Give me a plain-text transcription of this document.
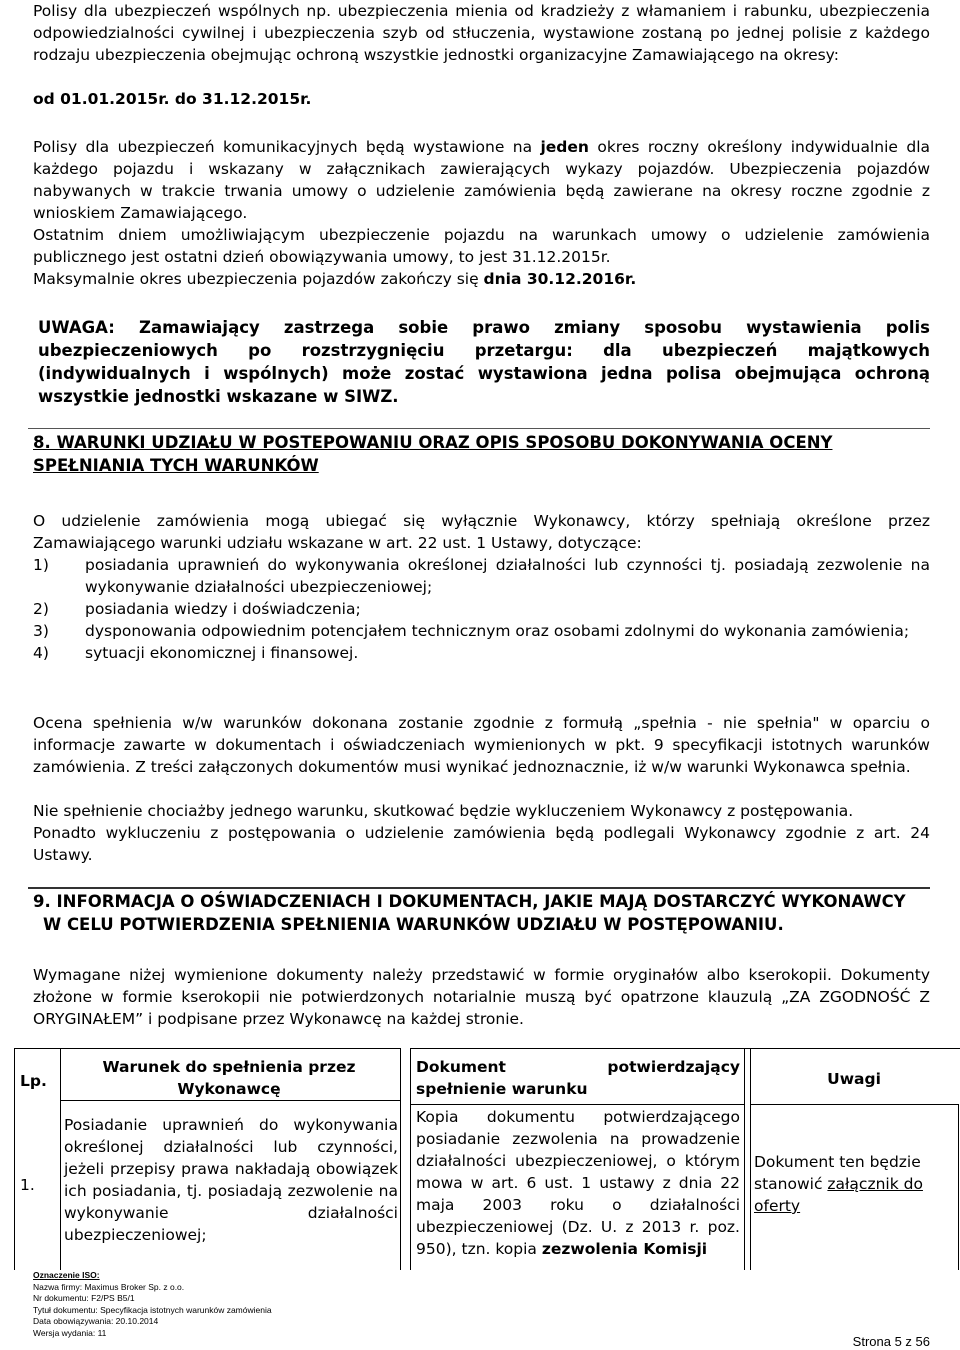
Polisy dla ubezpieczeń wspólnych np. ubezpieczenia mienia od kradzieży z włamaniem i rabunku, ubezpieczenia odpowiedzialności cywilnej i ubezpieczenia szyb od stłuczenia, wystawione zostaną po jednej polisie z każdego rodzaju ubezpieczenia obejmując ochroną wszystkie jednostki organizacyjne Zamawiającego na okresy:
od 01.01.2015r. do 31.12.2015r.
Polisy dla ubezpieczeń komunikacyjnych będą wystawione na jeden okres roczny określony indywidualnie dla każdego pojazdu i wskazany w załącznikach zawierających wykazy pojazdów. Ubezpieczenia pojazdów nabywanych w trakcie trwania umowy o udzielenie zamówienia będą zawierane na okresy roczne zgodnie z wnioskiem Zamawiającego.
Ostatnim dniem umożliwiającym ubezpieczenie pojazdu na warunkach umowy o udzielenie zamówienia publicznego jest ostatni dzień obowiązywania umowy, to jest 31.12.2015r.
Maksymalnie okres ubezpieczenia pojazdów zakończy się dnia 30.12.2016r.
UWAGA: Zamawiający zastrzega sobie prawo zmiany sposobu wystawienia polis ubezpieczeniowych po rozstrzygnięciu przetargu: dla ubezpieczeń majątkowych (indywidualnych i wspólnych) może zostać wystawiona jedna polisa obejmująca ochroną wszystkie jednostki wskazane w SIWZ.
8. WARUNKI UDZIAŁU W POSTEPOWANIU ORAZ OPIS SPOSOBU DOKONYWANIA OCENY
SPEŁNIANIA TYCH WARUNKÓW
O udzielenie zamówienia mogą ubiegać się wyłącznie Wykonawcy, którzy spełniają określone przez Zamawiającego warunki udziału wskazane w art. 22 ust. 1 Ustawy, dotyczące:
1) posiadania uprawnień do wykonywania określonej działalności lub czynności tj. posiadają zezwolenie na wykonywanie działalności ubezpieczeniowej;
2) posiadania wiedzy i doświadczenia;
3) dysponowania odpowiednim potencjałem technicznym oraz osobami zdolnymi do wykonania zamówienia;
4) sytuacji ekonomicznej i finansowej.
Ocena spełnienia w/w warunków dokonana zostanie zgodnie z formułą „spełnia - nie spełnia" w oparciu o informacje zawarte w dokumentach i oświadczeniach wymienionych w pkt. 9 specyfikacji istotnych warunków zamówienia. Z treści załączonych dokumentów musi wynikać jednoznacznie, iż w/w warunki Wykonawca spełnia.
Nie spełnienie chociażby jednego warunku, skutkować będzie wykluczeniem Wykonawcy z postępowania.
Ponadto wykluczeniu z postępowania o udzielenie zamówienia będą podlegali Wykonawcy zgodnie z art. 24 Ustawy.
9. INFORMACJA O OŚWIADCZENIACH I DOKUMENTACH, JAKIE MAJĄ DOSTARCZYĆ WYKONAWCY
W CELU POTWIERDZENIA SPEŁNIENIA WARUNKÓW UDZIAŁU W POSTĘPOWANIU.
Wymagane niżej wymienione dokumenty należy przedstawić w formie oryginałów albo kserokopii. Dokumenty złożone w formie kserokopii nie potwierdzonych notarialnie muszą być opatrzone klauzulą „ZA ZGODNOŚĆ Z ORYGINAŁEM” i podpisane przez Wykonawcę na każdej stronie.
Lp.
Warunek do spełnienia przez Wykonawcę
Dokument	potwierdzający
spełnienie warunku
Uwagi
1.
Posiadanie uprawnień do wykonywania określonej działalności lub czynności, jeżeli przepisy prawa nakładają obowiązek ich posiadania, tj. posiadają zezwolenie na wykonywanie działalności ubezpieczeniowej;
Kopia dokumentu potwierdzającego posiadanie zezwolenia na prowadzenie działalności ubezpieczeniowej, o którym mowa w art. 6 ust. 1 ustawy z dnia 22 maja 2003 roku o działalności ubezpieczeniowej (Dz. U. z 2013 r. poz. 950), tzn. kopia zezwolenia Komisji
Dokument ten będzie stanowić załącznik do oferty
Oznaczenie ISO:
Nazwa firmy: Maximus Broker Sp. z o.o.
Nr dokumentu: F2/PS B5/1
Tytuł dokumentu: Specyfikacja istotnych warunków zamówienia
Data obowiązywania: 20.10.2014
Wersja wydania: 11
Strona 5 z 56
